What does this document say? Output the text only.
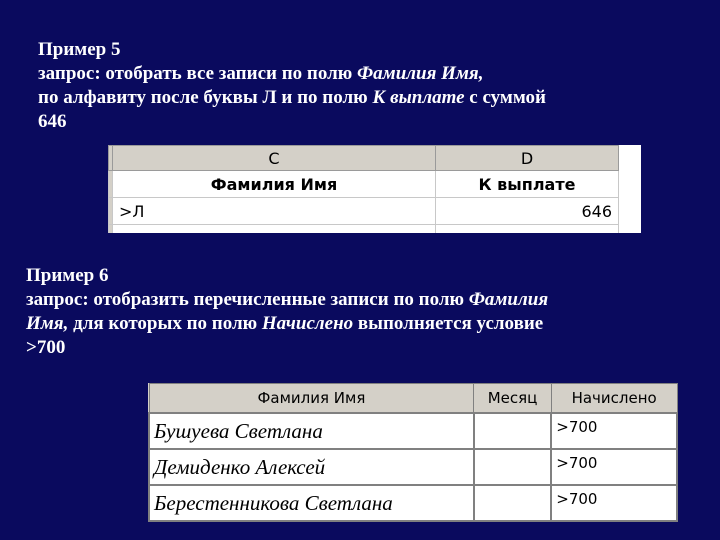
Пример 5
запрос: отобрать все записи по полю Фамилия Имя,
по алфавиту после буквы Л и по полю К выплате с суммой
646
	C	D
	Фамилия Имя	К выплате
	>Л	646

Пример 6
запрос: отобразить перечисленные записи по полю Фамилия
Имя, для которых по полю Начислено выполняется условие
>700
Фамилия Имя	Месяц	Начислено
Бушуева Светлана		>700
Демиденко Алексей		>700
Берестенникова Светлана		>700
